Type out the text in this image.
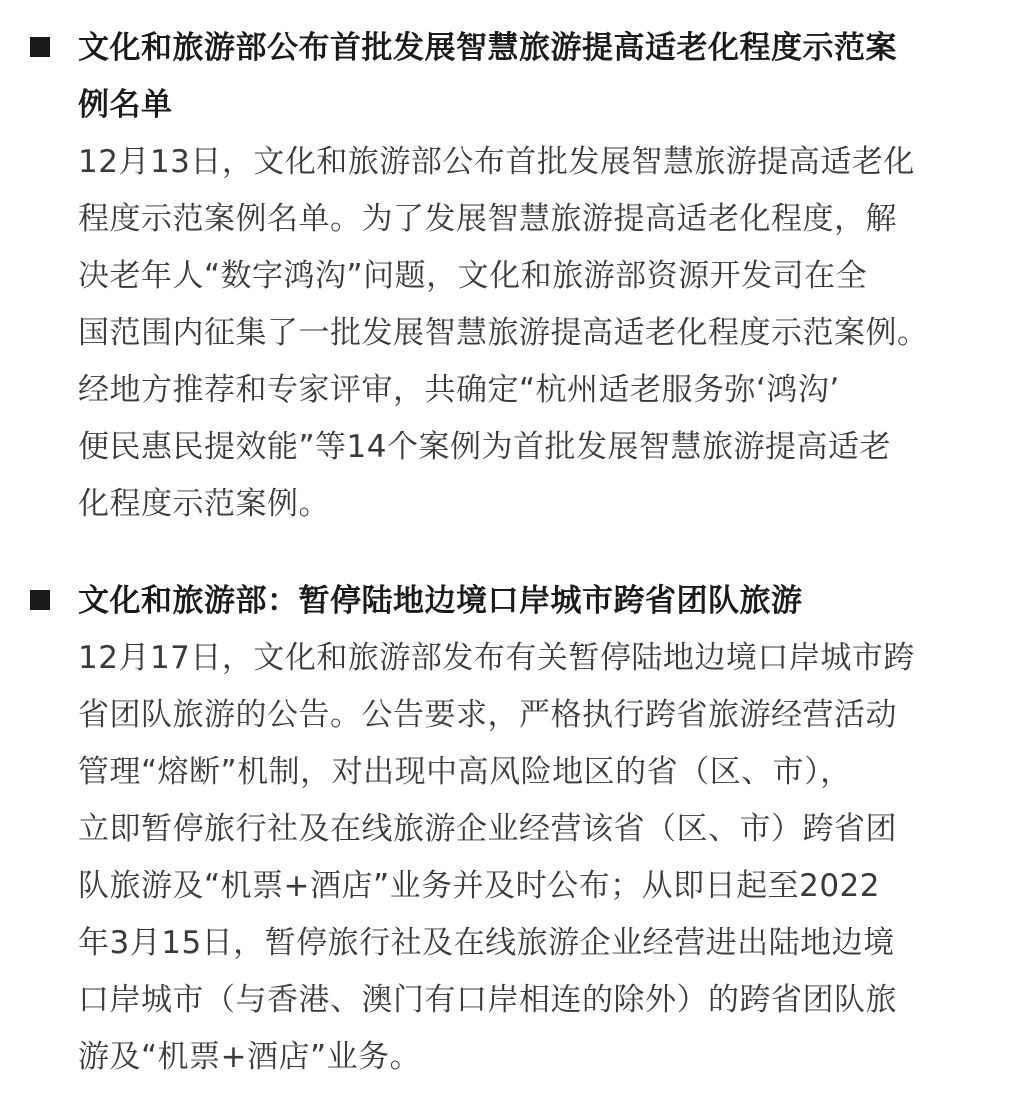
文化和旅游部公布首批发展智慧旅游提高适老化程度示范案
例名单

12月13日，文化和旅游部公布首批发展智慧旅游提高适老化
程度示范案例名单。为了发展智慧旅游提高适老化程度，解
决老年人“数字鸿沟”问题，文化和旅游部资源开发司在全
国范围内征集了一批发展智慧旅游提高适老化程度示范案例。
经地方推荐和专家评审，共确定“杭州适老服务弥‘鸿沟’
便民惠民提效能”等14个案例为首批发展智慧旅游提高适老
化程度示范案例。

文化和旅游部：暂停陆地边境口岸城市跨省团队旅游

12月17日，文化和旅游部发布有关暂停陆地边境口岸城市跨
省团队旅游的公告。公告要求，严格执行跨省旅游经营活动
管理“熔断”机制，对出现中高风险地区的省（区、市），
立即暂停旅行社及在线旅游企业经营该省（区、市）跨省团
队旅游及“机票+酒店”业务并及时公布；从即日起至2022
年3月15日，暂停旅行社及在线旅游企业经营进出陆地边境
口岸城市（与香港、澳门有口岸相连的除外）的跨省团队旅
游及“机票+酒店”业务。
